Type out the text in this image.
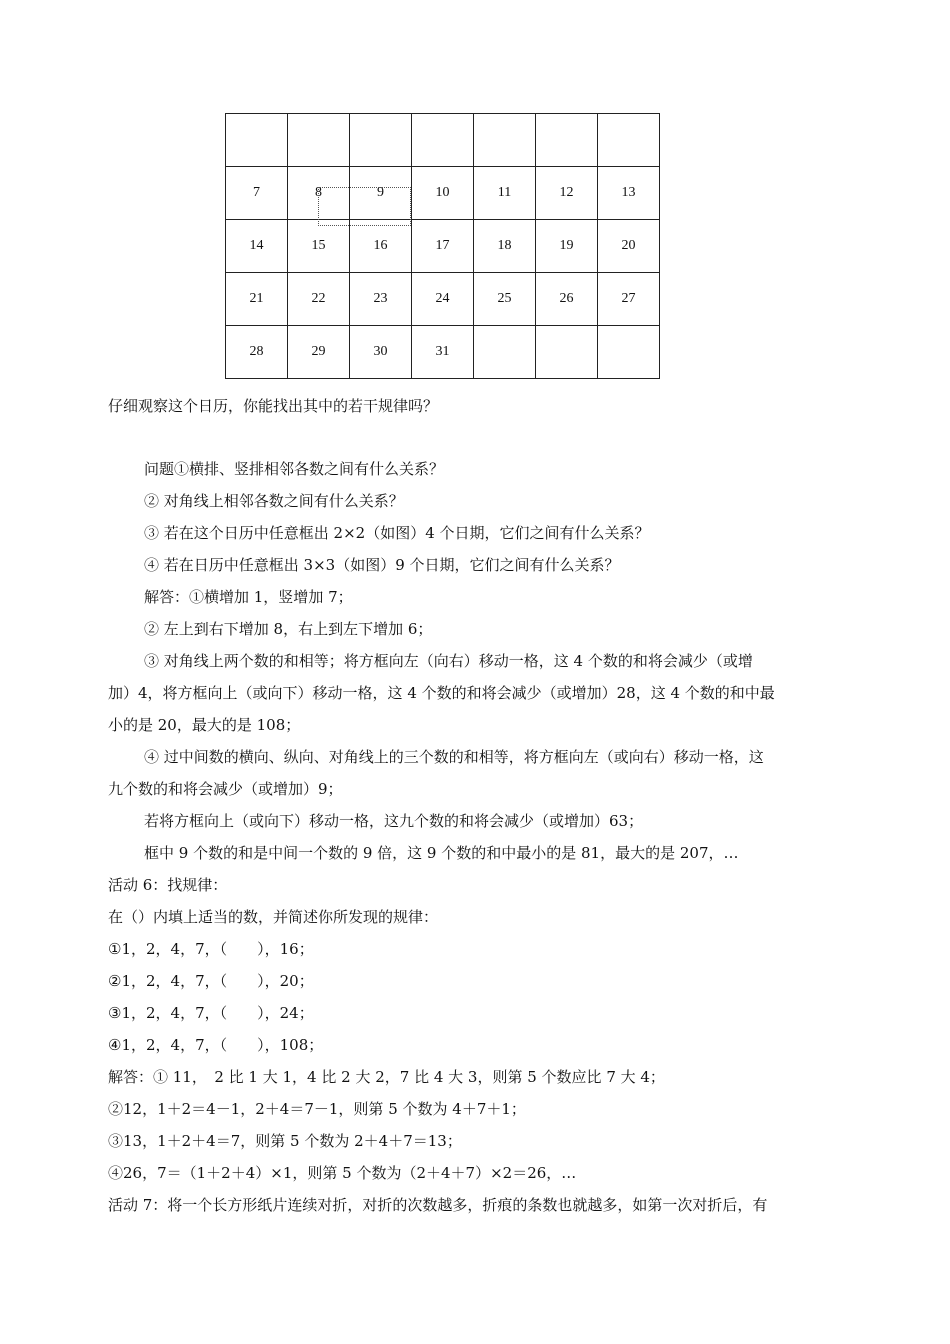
7	8	9	10	11	12	13
14	15	16	17	18	19	20
21	22	23	24	25	26	27
28	29	30	31			
仔细观察这个日历，你能找出其中的若干规律吗？
问题①横排、竖排相邻各数之间有什么关系？
② 对角线上相邻各数之间有什么关系？
③ 若在这个日历中任意框出 2×2（如图）4 个日期，它们之间有什么关系？
④ 若在日历中任意框出 3×3（如图）9 个日期，它们之间有什么关系？
解答：①横增加 1，竖增加 7；
② 左上到右下增加 8，右上到左下增加 6；
③ 对角线上两个数的和相等；将方框向左（向右）移动一格，这 4 个数的和将会减少（或增
加）4，将方框向上（或向下）移动一格，这 4 个数的和将会减少（或增加）28，这 4 个数的和中最
小的是 20，最大的是 108；
④ 过中间数的横向、纵向、对角线上的三个数的和相等，将方框向左（或向右）移动一格，这
九个数的和将会减少（或增加）9；
若将方框向上（或向下）移动一格，这九个数的和将会减少（或增加）63；
框中 9 个数的和是中间一个数的 9 倍，这 9 个数的和中最小的是 81，最大的是 207，…
活动 6：找规律：
在（）内填上适当的数，并简述你所发现的规律：
①1，2，4，7，（　　），16；
②1，2，4，7，（　　），20；
③1，2，4，7，（　　），24；
④1，2，4，7，（　　），108；
解答：① 11，　2 比 1 大 1，4 比 2 大 2，7 比 4 大 3，则第 5 个数应比 7 大 4；
②12，1＋2＝4－1，2＋4＝7－1，则第 5 个数为 4＋7＋1；
③13，1＋2＋4＝7，则第 5 个数为 2＋4＋7＝13；
④26，7＝（1＋2＋4）×1，则第 5 个数为（2＋4＋7）×2＝26，…
活动 7：将一个长方形纸片连续对折，对折的次数越多，折痕的条数也就越多，如第一次对折后，有
